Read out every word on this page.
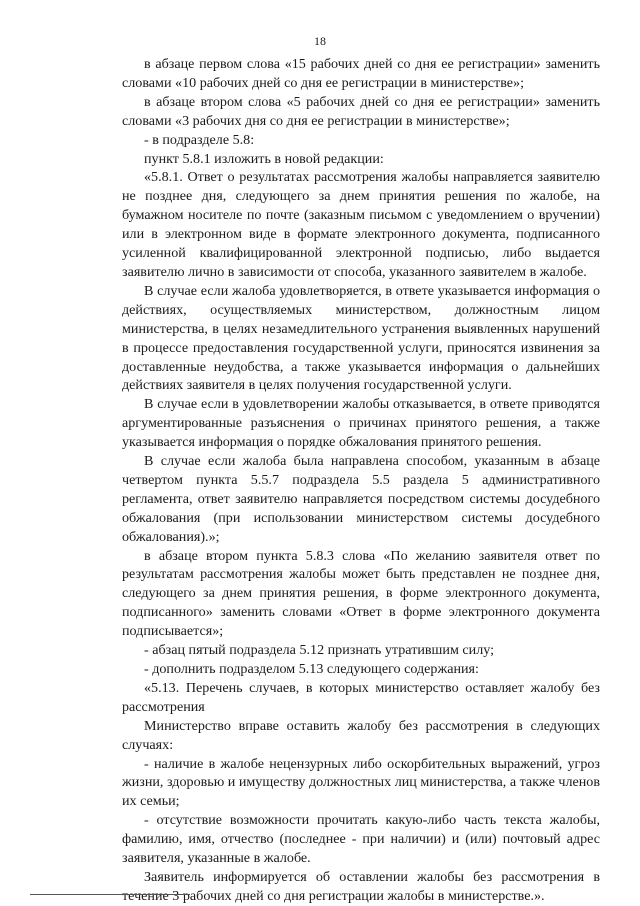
18

в абзаце первом слова «15 рабочих дней со дня ее регистрации» заменить словами «10 рабочих дней со дня ее регистрации в министерстве»;

в абзаце втором слова «5 рабочих дней со дня ее регистрации» заменить словами «3 рабочих дня со дня ее регистрации в министерстве»;

- в подразделе 5.8:

пункт 5.8.1 изложить в новой редакции:

«5.8.1. Ответ о результатах рассмотрения жалобы направляется заявителю не позднее дня, следующего за днем принятия решения по жалобе, на бумажном носителе по почте (заказным письмом с уведомлением о вручении) или в электронном виде в формате электронного документа, подписанного усиленной квалифицированной электронной подписью, либо выдается заявителю лично в зависимости от способа, указанного заявителем в жалобе.

В случае если жалоба удовлетворяется, в ответе указывается информация о действиях, осуществляемых министерством, должностным лицом министерства, в целях незамедлительного устранения выявленных нарушений в процессе предоставления государственной услуги, приносятся извинения за доставленные неудобства, а также указывается информация о дальнейших действиях заявителя в целях получения государственной услуги.

В случае если в удовлетворении жалобы отказывается, в ответе приводятся аргументированные разъяснения о причинах принятого решения, а также указывается информация о порядке обжалования принятого решения.

В случае если жалоба была направлена способом, указанным в абзаце четвертом пункта 5.5.7 подраздела 5.5 раздела 5 административного регламента, ответ заявителю направляется посредством системы досудебного обжалования (при использовании министерством системы досудебного обжалования).»;

в абзаце втором пункта 5.8.3 слова «По желанию заявителя ответ по результатам рассмотрения жалобы может быть представлен не позднее дня, следующего за днем принятия решения, в форме электронного документа, подписанного» заменить словами «Ответ в форме электронного документа подписывается»;

- абзац пятый подраздела 5.12 признать утратившим силу;

- дополнить подразделом 5.13 следующего содержания:

«5.13. Перечень случаев, в которых министерство оставляет жалобу без рассмотрения

Министерство вправе оставить жалобу без рассмотрения в следующих случаях:

- наличие в жалобе нецензурных либо оскорбительных выражений, угроз жизни, здоровью и имуществу должностных лиц министерства, а также членов их семьи;

- отсутствие возможности прочитать какую-либо часть текста жалобы, фамилию, имя, отчество (последнее - при наличии) и (или) почтовый адрес заявителя, указанные в жалобе.

Заявитель информируется об оставлении жалобы без рассмотрения в течение 3 рабочих дней со дня регистрации жалобы в министерстве.».
